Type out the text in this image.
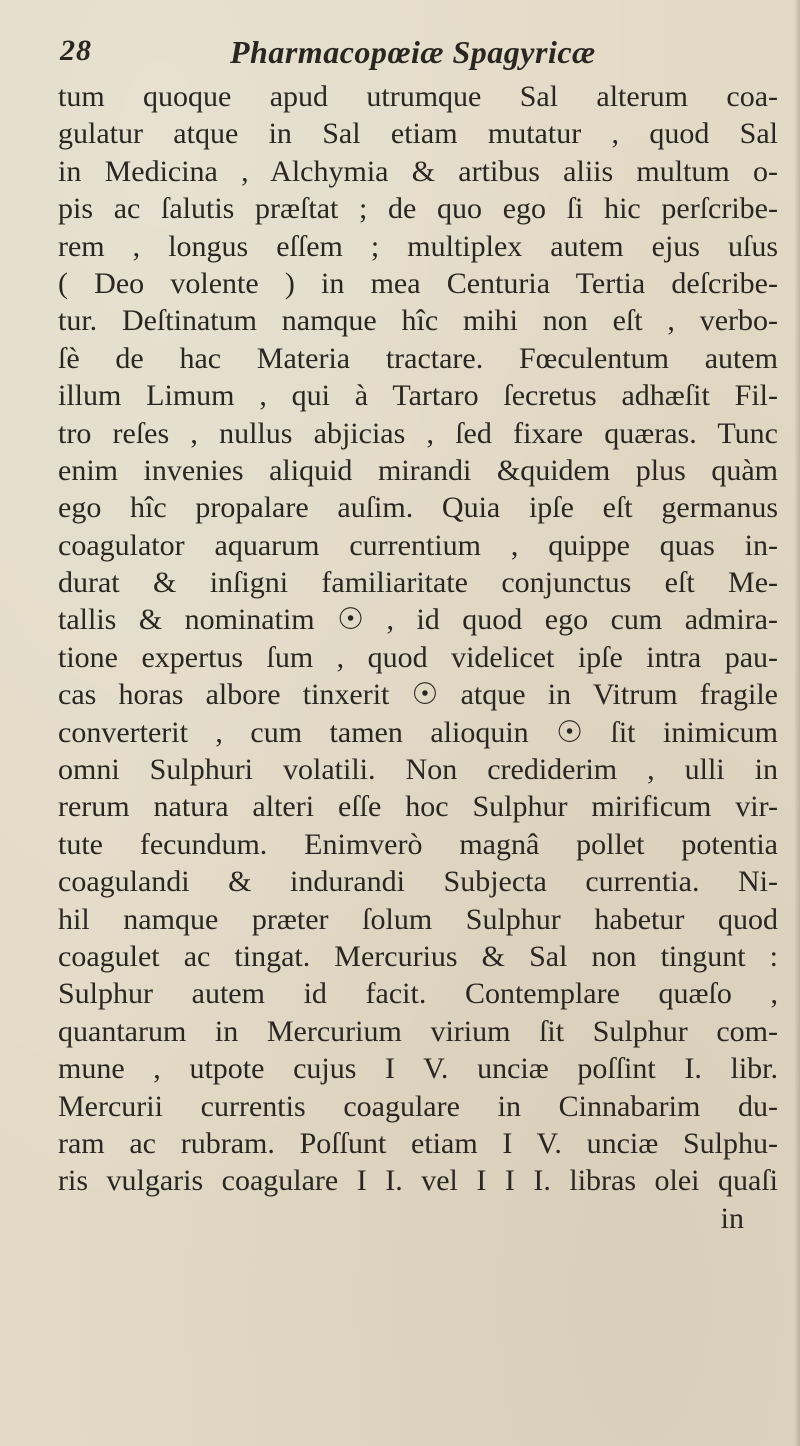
28	Pharmacopœiæ Spagyricæ
tum quoque apud utrumque Sal alterum coa-
gulatur atque in Sal etiam mutatur , quod Sal
in Medicina , Alchymia & artibus aliis multum o-
pis ac ſalutis præſtat ; de quo ego ſi hic perſcribe-
rem , longus eſſem ; multiplex autem ejus uſus
( Deo volente ) in mea Centuria Tertia deſcribe-
tur. Deſtinatum namque hîc mihi non eſt , verbo-
ſè de hac Materia tractare. Fœculentum autem
illum Limum , qui à Tartaro ſecretus adhæſit Fil-
tro reſes , nullus abjicias , ſed fixare quæras. Tunc
enim invenies aliquid mirandi &quidem plus quàm
ego hîc propalare auſim. Quia ipſe eſt germanus
coagulator aquarum currentium , quippe quas in-
durat & inſigni familiaritate conjunctus eſt Me-
tallis & nominatim ☉ , id quod ego cum admira-
tione expertus ſum , quod videlicet ipſe intra pau-
cas horas albore tinxerit ☉ atque in Vitrum fragile
converterit , cum tamen alioquin ☉ ſit inimicum
omni Sulphuri volatili. Non crediderim , ulli in
rerum natura alteri eſſe hoc Sulphur mirificum vir-
tute fecundum. Enimverò magnâ pollet potentia
coagulandi & indurandi Subjecta currentia. Ni-
hil namque præter ſolum Sulphur habetur quod
coagulet ac tingat. Mercurius & Sal non tingunt :
Sulphur autem id facit. Contemplare quæſo ,
quantarum in Mercurium virium ſit Sulphur com-
mune , utpote cujus I V. unciæ poſſint I. libr.
Mercurii currentis coagulare in Cinnabarim du-
ram ac rubram. Poſſunt etiam I V. unciæ Sulphu-
ris vulgaris coagulare I I. vel I I I. libras olei quaſi
in
